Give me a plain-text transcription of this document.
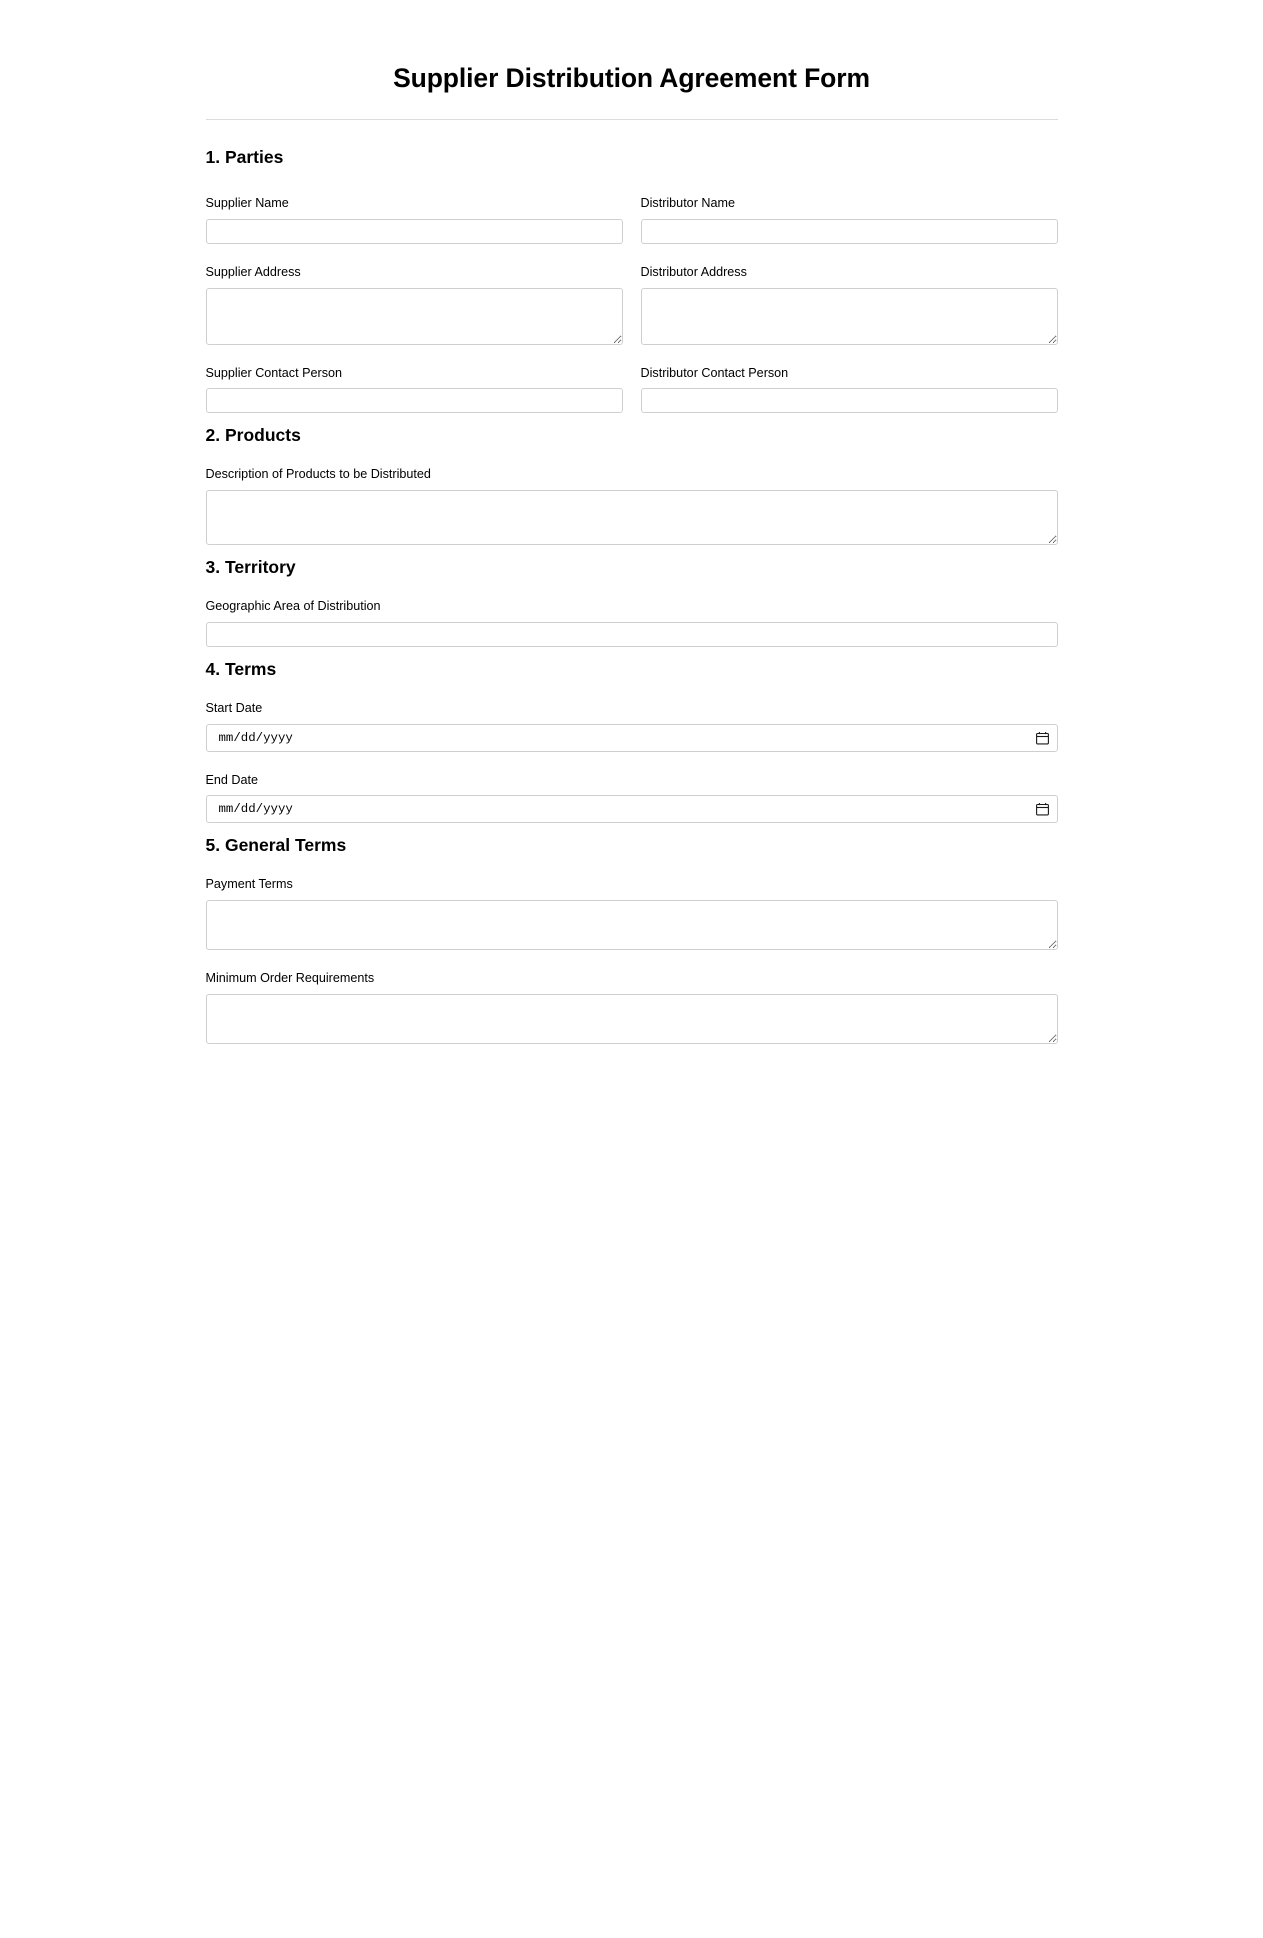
Supplier Distribution Agreement Form
1. Parties
Supplier Name	Distributor Name
Supplier Address	Distributor Address
Supplier Contact Person	Distributor Contact Person
2. Products
Description of Products to be Distributed
3. Territory
Geographic Area of Distribution
4. Terms
Start Date
mm/dd/yyyy
End Date
mm/dd/yyyy
5. General Terms
Payment Terms
Minimum Order Requirements
